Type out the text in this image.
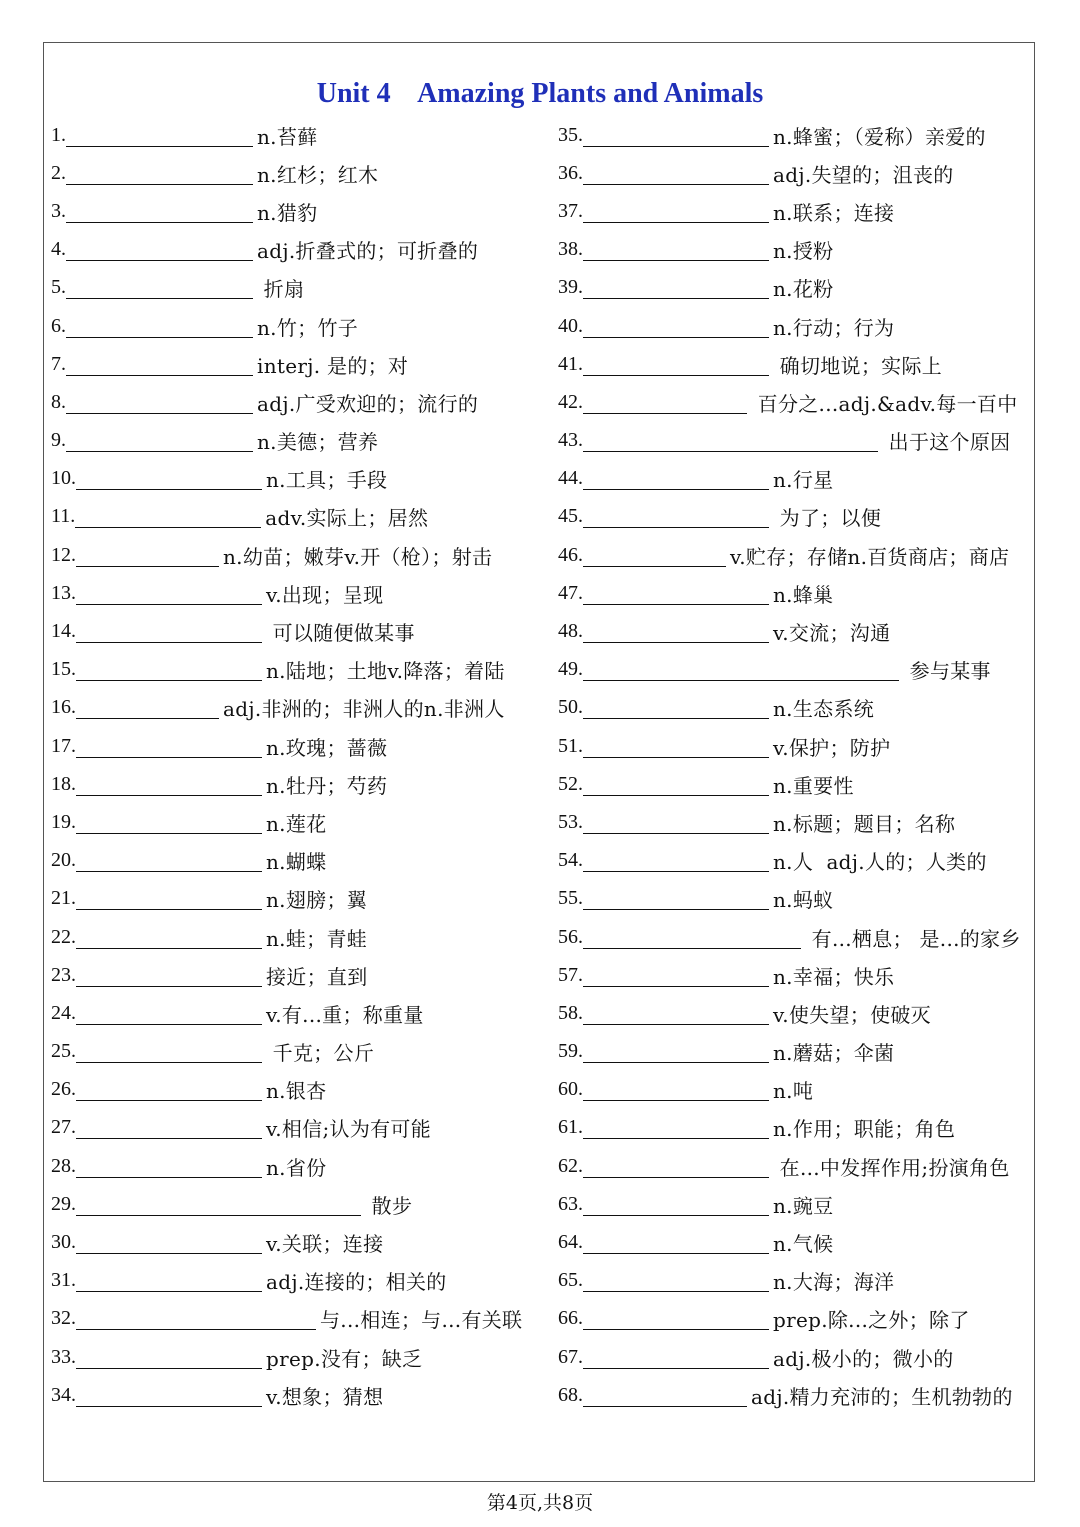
Unit 4    Amazing Plants and Animals
1.	n.苔藓
2.	n.红杉；红木
3.	n.猎豹
4.	adj.折叠式的；可折叠的
5.	折扇
6.	n.竹；竹子
7.	interj. 是的；对
8.	adj.广受欢迎的；流行的
9.	n.美德；营养
10.	n.工具；手段
11.	adv.实际上；居然
12.	n.幼苗；嫩芽v.开（枪）；射击
13.	v.出现；呈现
14.	可以随便做某事
15.	n.陆地；土地v.降落；着陆
16.	adj.非洲的；非洲人的n.非洲人
17.	n.玫瑰；蔷薇
18.	n.牡丹；芍药
19.	n.莲花
20.	n.蝴蝶
21.	n.翅膀；翼
22.	n.蛙；青蛙
23.	接近；直到
24.	v.有...重；称重量
25.	千克；公斤
26.	n.银杏
27.	v.相信;认为有可能
28.	n.省份
29.	散步
30.	v.关联；连接
31.	adj.连接的；相关的
32.	与...相连；与...有关联
33.	prep.没有；缺乏
34.	v.想象；猜想
35.	n.蜂蜜；（爱称）亲爱的
36.	adj.失望的；沮丧的
37.	n.联系；连接
38.	n.授粉
39.	n.花粉
40.	n.行动；行为
41.	确切地说；实际上
42.	百分之...adj.&adv.每一百中
43.	出于这个原因
44.	n.行星
45.	为了；以便
46.	v.贮存；存储n.百货商店；商店
47.	n.蜂巢
48.	v.交流；沟通
49.	参与某事
50.	n.生态系统
51.	v.保护；防护
52.	n.重要性
53.	n.标题；题目；名称
54.	n.人  adj.人的；人类的
55.	n.蚂蚁
56.	有...栖息； 是...的家乡
57.	n.幸福；快乐
58.	v.使失望；使破灭
59.	n.蘑菇；伞菌
60.	n.吨
61.	n.作用；职能；角色
62.	在...中发挥作用;扮演角色
63.	n.豌豆
64.	n.气候
65.	n.大海；海洋
66.	prep.除...之外；除了
67.	adj.极小的；微小的
68.	adj.精力充沛的；生机勃勃的
第4页,共8页
